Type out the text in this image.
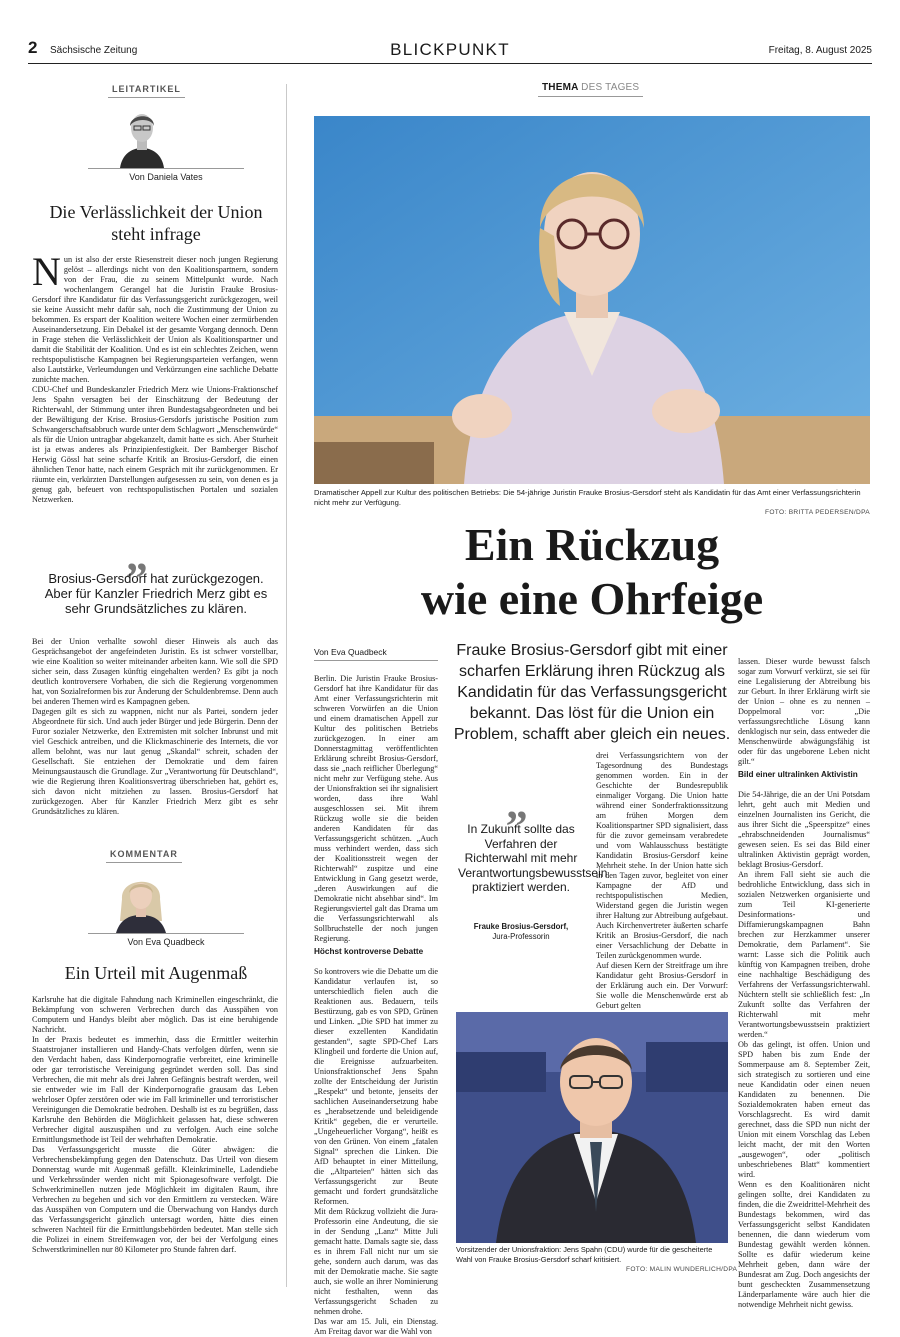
2 Sächsische Zeitung	BLICKPUNKT	Freitag, 8. August 2025
LEITARTIKEL
Von Daniela Vates
Die Verlässlichkeit der Union steht infrage
Nun ist also der erste Riesenstreit dieser noch jungen Regierung gelöst – allerdings nicht von den Koalitionspartnern, sondern von der Frau, die zu seinem Mittelpunkt wurde. Nach wochenlangem Gerangel hat die Juristin Frauke Brosius-Gersdorf ihre Kandidatur für das Verfassungsgericht zurückgezogen, weil sie keine Aussicht mehr dafür sah, noch die Zustimmung der Union zu bekommen. Es erspart der Koalition weitere Wochen einer zermürbenden Auseinandersetzung. Ein Debakel ist der gesamte Vorgang dennoch. Denn in Frage stehen die Verlässlichkeit der Union als Koalitionspartner und damit die Stabilität der Koalition. Und es ist ein schlechtes Zeichen, wenn rechtspopulistische Kampagnen bei Regierungsparteien verfangen, wenn also Lautstärke, Verleumdungen und Verkürzungen eine sachliche Debatte zunichte machen.
CDU-Chef und Bundeskanzler Friedrich Merz wie Unions-Fraktionschef Jens Spahn versagten bei der Einschätzung der Bedeutung der Richterwahl, der Stimmung unter ihren Bundestagsabgeordneten und bei der Bewältigung der Krise. Brosius-Gersdorfs juristische Position zum Schwangerschaftsabbruch wurde unter dem Schlagwort „Menschenwürde“ als für die Union untragbar abgekanzelt, damit hatte es sich. Aber Sturheit ist ja etwas anderes als Prinzipienfestigkeit. Der Bamberger Bischof Herwig Gössl hat seine scharfe Kritik an Brosius-Gersdorf, die einen ähnlichen Tenor hatte, nach einem Gespräch mit ihr zurückgenommen. Er räumte ein, verkürzten Darstellungen aufgesessen zu sein, von denen es ja genug gab, befeuert von rechtspopulistischen Portalen und sozialen Netzwerken.
„
Brosius-Gersdorf hat zurückgezogen. Aber für Kanzler Friedrich Merz gibt es sehr Grundsätzliches zu klären.
Bei der Union verhallte sowohl dieser Hinweis als auch das Gesprächsangebot der angefeindeten Juristin. Es ist schwer vorstellbar, wie eine Koalition so weiter miteinander arbeiten kann. Wie soll die SPD sicher sein, dass Zusagen künftig eingehalten werden? Es gibt ja noch deutlich kontroversere Vorhaben, die sich die Regierung vorgenommen hat, von Sozialreformen bis zur Änderung der Schuldenbremse. Denn auch bei anderen Themen wird es Kampagnen geben.
Dagegen gilt es sich zu wappnen, nicht nur als Partei, sondern jeder Abgeordnete für sich. Und auch jeder Bürger und jede Bürgerin. Denn der Furor sozialer Netzwerke, den Extremisten mit solcher Inbrunst und mit viel Geschick antreiben, und die Klickmaschinerie des Internets, die vor allem belohnt, was nur laut genug „Skandal“ schreit, schaden der Gesellschaft. Sie entziehen der Demokratie und dem fairen Meinungsaustausch die Grundlage. Zur „Verantwortung für Deutschland“, wie die Regierung ihren Koalitionsvertrag überschrieben hat, gehört es, sich davon nicht mitziehen zu lassen. Brosius-Gersdorf hat zurückgezogen. Aber für Kanzler Friedrich Merz gibt es sehr Grundsätzliches zu klären.
KOMMENTAR
Von Eva Quadbeck
Ein Urteil mit Augenmaß
Karlsruhe hat die digitale Fahndung nach Kriminellen eingeschränkt, die Bekämpfung von schweren Verbrechen durch das Ausspähen von Computern und Handys bleibt aber möglich. Das ist eine beruhigende Nachricht.
In der Praxis bedeutet es immerhin, dass die Ermittler weiterhin Staatstrojaner installieren und Handy-Chats verfolgen dürfen, wenn sie den Verdacht haben, dass Kinderpornografie verbreitet, eine kriminelle oder gar terroristische Vereinigung gegründet werden soll. Das sind Verbrechen, die mit mehr als drei Jahren Gefängnis bestraft werden, weil sie entweder wie im Fall der Kinderpornografie grausam das Leben wehrloser Opfer zerstören oder wie im Fall krimineller und terroristischer Vereinigungen die Demokratie bedrohen. Deshalb ist es zu begrüßen, dass Karlsruhe den Behörden die Möglichkeit gelassen hat, diese schweren Verbrecher digital auszuspähen und zu verfolgen. Auch eine solche Ermittlungsmethode ist Teil der wehrhaften Demokratie.
Das Verfassungsgericht musste die Güter abwägen: die Verbrechensbekämpfung gegen den Datenschutz. Das Urteil von diesem Donnerstag wurde mit Augenmaß gefällt. Kleinkriminelle, Ladendiebe und Verkehrssünder werden nicht mit Spionagesoftware verfolgt. Die Schwerkriminellen nutzen jede Möglichkeit im digitalen Raum, ihre Verbrechen zu begehen und sich vor den Ermittlern zu verstecken. Wäre das Ausspähen von Computern und die Überwachung von Handys durch das Verfassungsgericht gänzlich untersagt worden, hätte dies einen schweren Nachteil für die Ermittlungsbehörden bedeutet. Man stelle sich die Polizei in einem Streifenwagen vor, der bei der Verfolgung eines Schwerstkriminellen nur 80 Kilometer pro Stunde fahren darf.
THEMA DES TAGES
Dramatischer Appell zur Kultur des politischen Betriebs: Die 54-jährige Juristin Frauke Brosius-Gersdorf steht als Kandidatin für das Amt einer Verfassungsrichterin nicht mehr zur Verfügung.
FOTO: BRITTA PEDERSEN/DPA
Ein Rückzug
wie eine Ohrfeige
Frauke Brosius-Gersdorf gibt mit einer scharfen Erklärung ihren Rückzug als Kandidatin für das Verfassungsgericht bekannt. Das löst für die Union ein Problem, schafft aber gleich ein neues.
Von Eva Quadbeck

Berlin. Die Juristin Frauke Brosius-Gersdorf hat ihre Kandidatur für das Amt einer Verfassungsrichterin mit schweren Vorwürfen an die Union und einem dramatischen Appell zur Kultur des politischen Betriebs zurückgezogen. In einer am Donnerstagmittag veröffentlichten Erklärung schreibt Brosius-Gersdorf, dass sie „nach reiflicher Überlegung“ nicht mehr zur Verfügung stehe. Aus der Unionsfraktion sei ihr signalisiert worden, dass ihre Wahl ausgeschlossen sei. Mit ihrem Rückzug wolle sie die beiden anderen Kandidaten für das Verfassungsgericht schützen. „Auch muss verhindert werden, dass sich der Koalitionsstreit wegen der Richterwahl“ zuspitze und eine Entwicklung in Gang gesetzt werde, „deren Auswirkungen auf die Demokratie nicht absehbar sind“. Im Regierungsviertel galt das Drama um die Verfassungsrichterwahl als Sollbruchstelle der noch jungen Regierung.

Höchst kontroverse Debatte

So kontrovers wie die Debatte um die Kandidatur verlaufen ist, so unterschiedlich fielen auch die Reaktionen aus. Bedauern, teils Bestürzung, gab es von SPD, Grünen und Linken. „Die SPD hat immer zu dieser exzellenten Kandidatin gestanden“, sagte SPD-Chef Lars Klingbeil und forderte die Union auf, die Ereignisse aufzuarbeiten. Unionsfraktionschef Jens Spahn zollte der Entscheidung der Juristin „Respekt“ und betonte, jenseits der sachlichen Auseinandersetzung habe es „herabsetzende und beleidigende Kritik“ gegeben, die er verurteile. „Ungeheuerlicher Vorgang“, heißt es von den Grünen. Von einem „fatalen Signal“ sprechen die Linken. Die AfD behauptet in einer Mitteilung, die „Altparteien“ hätten sich das Verfassungsgericht zur Beute gemacht und fordert grundsätzliche Reformen.
Mit dem Rückzug vollzieht die Jura-Professorin eine Andeutung, die sie in der Sendung „Lanz“ Mitte Juli gemacht hatte. Damals sagte sie, dass es in ihrem Fall nicht nur um sie gehe, sondern auch darum, was das mit der Demokratie mache. Sie sagte auch, sie wolle an ihrer Nominierung nicht festhalten, wenn das Verfassungsgericht Schaden zu nehmen drohe.
Das war am 15. Juli, ein Dienstag. Am Freitag davor war die Wahl von

drei Verfassungsrichtern von der Tagesordnung des Bundestags genommen worden. Ein in der Geschichte der Bundesrepublik einmaliger Vorgang. Die Union hatte während einer Sonderfraktionssitzung am frühen Morgen dem Koalitionspartner SPD signalisiert, dass für die zuvor gemeinsam verabredete und vom Wahlausschuss bestätigte Kandidatin Brosius-Gersdorf keine Mehrheit stehe. In der Union hatte sich in den Tagen zuvor, begleitet von einer Kampagne der AfD und rechtspopulistischen Medien, Widerstand gegen die Juristin wegen ihrer Haltung zur Abtreibung aufgebaut. Auch Kirchenvertreter äußerten scharfe Kritik an Brosius-Gersdorf, die nach einer Versachlichung der Debatte in Teilen zurückgenommen wurde.
Auf diesen Kern der Streitfrage um ihre Kandidatur geht Brosius-Gersdorf in der Erklärung auch ein. Der Vorwurf: Sie wolle die Menschenwürde erst ab Geburt gelten
„
In Zukunft sollte das Verfahren der Richterwahl mit mehr Verantwortungsbewusstsein praktiziert werden.
Frauke Brosius-Gersdorf,
Jura-Professorin

lassen. Dieser wurde bewusst falsch sogar zum Vorwurf verkürzt, sie sei für eine Legalisierung der Abtreibung bis zur Geburt. In ihrer Erklärung wirft sie der Union – ohne es zu nennen – Doppelmoral vor: „Die verfassungsrechtliche Lösung kann denklogisch nur sein, dass entweder die Menschenwürde abwägungsfähig ist oder für das ungeborene Leben nicht gilt.“

Bild einer ultralinken Aktivistin

Die 54-Jährige, die an der Uni Potsdam lehrt, geht auch mit Medien und einzelnen Journalisten ins Gericht, die aus ihrer Sicht die „Speerspitze“ eines „ehrabschneidenden Journalismus“ gewesen seien. Es sei das Bild einer ultralinken Aktivistin geprägt worden, beklagt Brosius-Gersdorf.
An ihrem Fall sieht sie auch die bedrohliche Entwicklung, dass sich in sozialen Netzwerken organisierte und zum Teil KI-generierte Desinformations- und Diffamierungskampagnen Bahn brechen zur Herzkammer unserer Demokratie, dem Parlament“. Sie warnt: Lasse sich die Politik auch künftig von Kampagnen treiben, drohe eine nachhaltige Beschädigung des Verfahrens der Verfassungsrichterwahl. Nüchtern stellt sie schließlich fest: „In Zukunft sollte das Verfahren der Richterwahl mit mehr Verantwortungsbewusstsein praktiziert werden.“
Ob das gelingt, ist offen. Union und SPD haben bis zum Ende der Sommerpause am 8. September Zeit, sich strategisch zu sortieren und eine neue Kandidatin oder einen neuen Kandidaten zu benennen. Die Sozialdemokraten haben erneut das Vorschlagsrecht. Es wird damit gerechnet, dass die SPD nun nicht der Union mit einem Vorschlag das Leben leicht macht, der mit den Worten „ausgewogen“, oder „politisch unbeschriebenes Blatt“ kommentiert wird.
Wenn es den Koalitionären nicht gelingen sollte, drei Kandidaten zu finden, die die Zweidrittel-Mehrheit des Bundestags bekommen, wird das Verfassungsgericht selbst Kandidaten benennen, die dann wiederum vom Bundestag gewählt werden können. Sollte es dafür wiederum keine Mehrheit geben, dann wäre der Bundesrat am Zug. Doch angesichts der bunt gescheckten Zusammensetzung Länderparlamente wäre auch hier die notwendige Mehrheit nicht gewiss.

Vorsitzender der Unionsfraktion: Jens Spahn (CDU) wurde für die gescheiterte Wahl von Frauke Brosius-Gersdorf scharf kritisiert.
FOTO: MALIN WUNDERLICH/DPA
